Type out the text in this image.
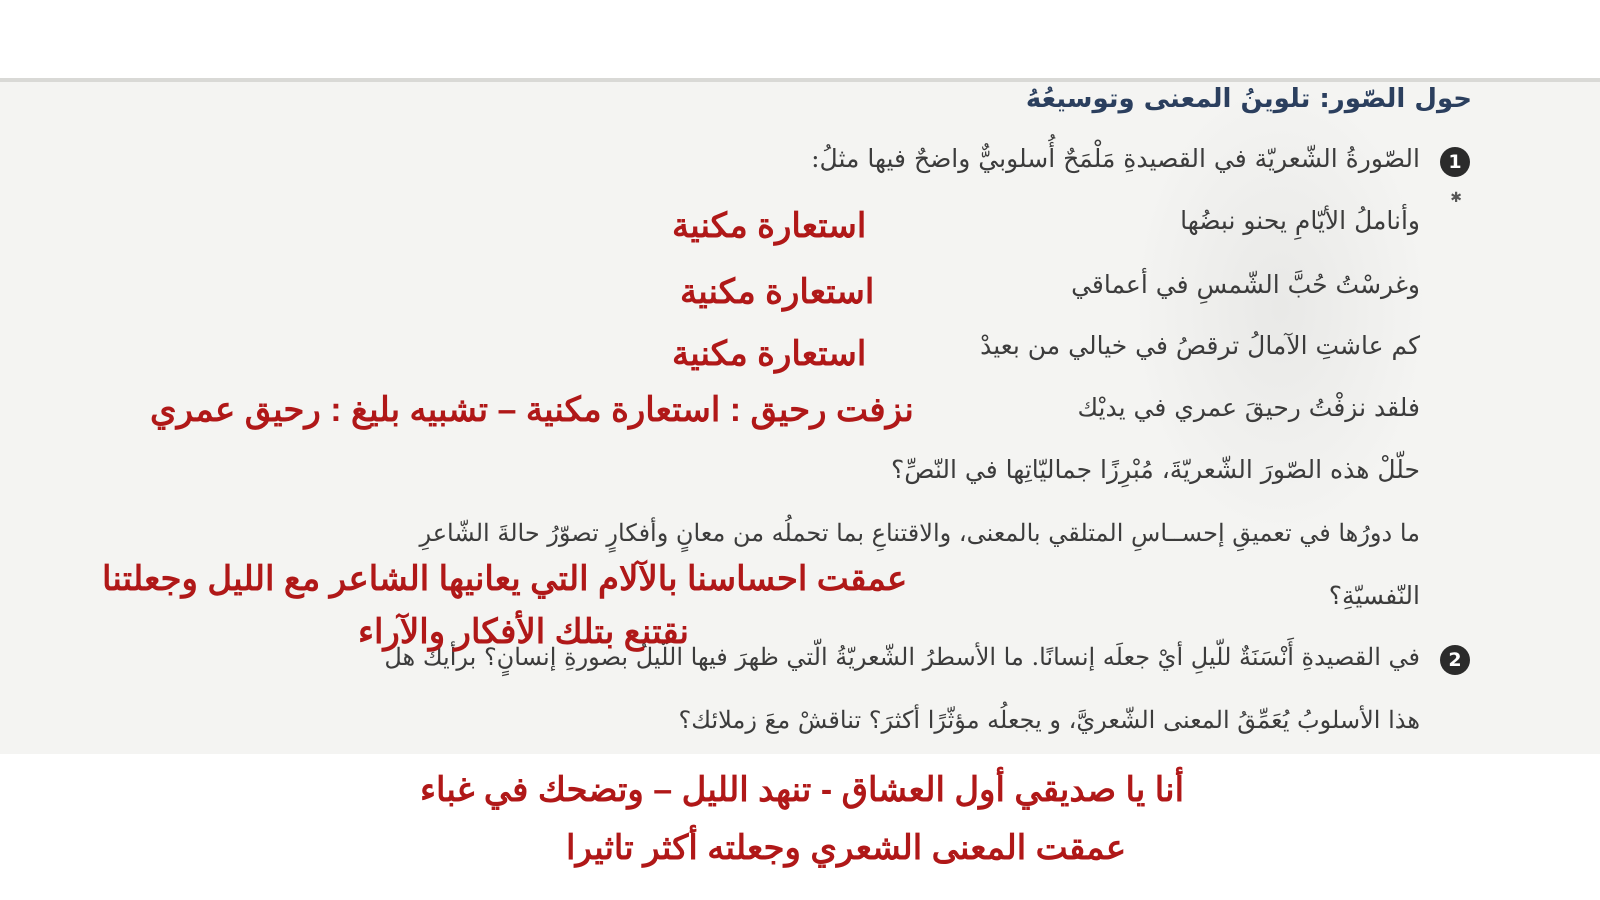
حول الصّور: تلوينُ المعنى وتوسيعُهُ
1
الصّورةُ الشّعريّة في القصيدةِ مَلْمَحٌ أُسلوبيٌّ واضحٌ فيها مثلُ:
✱
وأناملُ الأيّامِ يحنو نبضُها
وغرسْتُ حُبَّ الشّمسِ في أعماقي
كم عاشتِ الآمالُ ترقصُ في خيالي من بعيدْ
فلقد نزفْتُ رحيقَ عمري في يديْك
حلّلْ هذه الصّورَ الشّعريّةَ، مُبْرِزًا جماليّاتِها في النّصِّ؟
ما دورُها في تعميقِ إحســاسِ المتلقي بالمعنى، والاقتناعِ بما تحملُه من معانٍ وأفكارٍ تصوّرُ حالةَ الشّاعرِ
النّفسيّةِ؟
2
في القصيدةِ أَنْسَنَةٌ للّيلِ أيْ جعلَه إنسانًا. ما الأسطرُ الشّعريّةُ الّتي ظهرَ فيها اللّيلُ بصورةِ إنسانٍ؟ برأيك هل
هذا الأسلوبُ يُعَمِّقُ المعنى الشّعريَّ، و يجعلُه مؤثّرًا أكثرَ؟ تناقشْ معَ زملائك؟
استعارة مكنية
استعارة مكنية
استعارة مكنية
نزفت رحيق : استعارة مكنية – تشبيه بليغ : رحيق عمري
عمقت احساسنا بالآلام التي يعانيها الشاعر مع الليل وجعلتنا
نقتنع بتلك الأفكار والآراء
أنا يا صديقي أول العشاق - تنهد الليل – وتضحك في غباء
عمقت المعنى الشعري وجعلته أكثر تاثيرا
